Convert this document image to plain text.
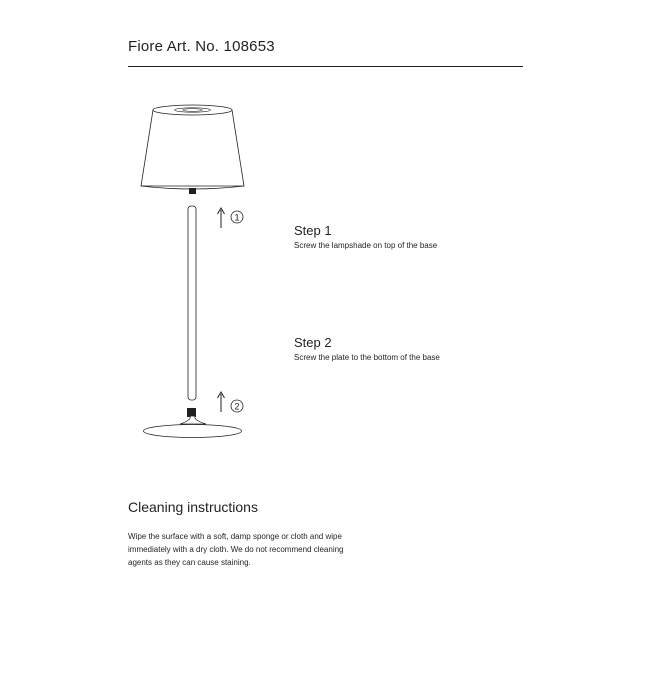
Fiore Art. No. 108653
1
2
Step 1
Screw the lampshade on top of the base
Step 2
Screw the plate to the bottom of the base
Cleaning instructions
Wipe the surface with a soft, damp sponge or cloth and wipe
immediately with a dry cloth. We do not recommend cleaning
agents as they can cause staining.
